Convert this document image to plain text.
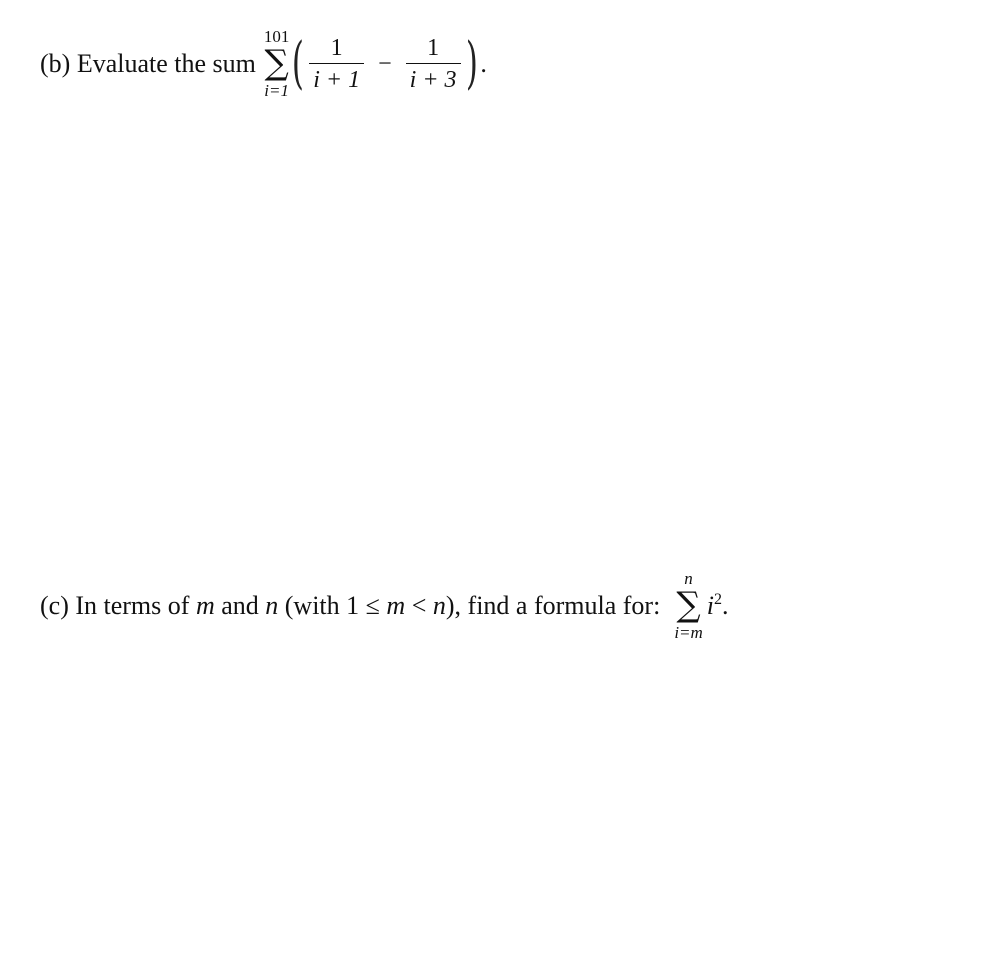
(b) Evaluate the sum
101
∑
i=1 ( $\frac{1}{i + 1} - \frac{1}{i + 3}$ ) .
(c) In terms of m and n (with 1 ≤ m < n), find a formula for:
n
∑
i=m
$i^2$.
